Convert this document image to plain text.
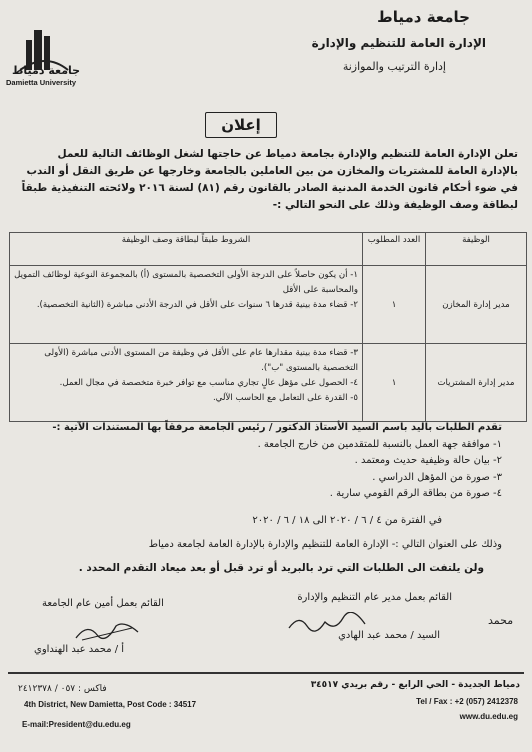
جامعة دمياط
الإدارة العامة للتنظيم والإدارة
إدارة الترتيب والموازنة
جامعة دمياط
Damietta University
إعلان
تعلن الإدارة العامة للتنظيم والإدارة بجامعة دمياط عن حاجتها لشغل الوظائف التالية للعمل بالإدارة العامة للمشتريات والمخازن من بين العاملين بالجامعة وخارجها عن طريق النقل أو الندب في ضوء أحكام قانون الخدمة المدنية الصادر بالقانون رقم (٨١) لسنة ٢٠١٦ ولائحته التنفيذية طبقاً لبطاقة وصف الوظيفة وذلك على النحو التالي :-
الوظيفة	العدد المطلوب	الشروط طبقاً لبطاقة وصف الوظيفة
مدير إدارة المخازن	١	١- أن يكون حاصلاً على الدرجة الأولى التخصصية بالمستوى (أ) بالمجموعة النوعية لوظائف التمويل والمحاسبة على الأقل
٢- قضاء مدة بينية قدرها ٦ سنوات على الأقل في الدرجة الأدنى مباشرة (الثانية التخصصية).

مدير إدارة المشتريات	١	٣- قضاء مدة بينية مقدارها عام على الأقل في وظيفة من المستوى الأدنى مباشرة (الأولى التخصصية بالمستوى "ب").
٤- الحصول على مؤهل عالٍ تجاري مناسب مع توافر خبرة متخصصة في مجال العمل.
٥- القدرة على التعامل مع الحاسب الآلي.
تقدم الطلبات باليد باسم السيد الأستاذ الدكتور / رئيس الجامعة مرفقاً بها المستندات الآتية :-
١- موافقة جهة العمل بالنسبة للمتقدمين من خارج الجامعة .
٢- بيان حالة وظيفية حديث ومعتمد .
٣- صورة من المؤهل الدراسي .
٤- صورة من بطاقة الرقم القومي سارية .
في الفترة من ٤ / ٦ / ٢٠٢٠ الى ١٨ / ٦ / ٢٠٢٠
وذلك على العنوان التالي :- الإدارة العامة للتنظيم والإدارة بالإدارة العامة لجامعة دمياط
ولن يلتفت الى الطلبات التي ترد بالبريد أو ترد قبل أو بعد ميعاد التقدم المحدد .
القائم بعمل مدير عام التنظيم والإدارة
السيد / محمد عبد الهادي
القائم بعمل أمين عام الجامعة
أ / محمد عبد الهنداوي
محمد
دمياط الجديدة - الحي الرابع - رقم بريدي ٣٤٥١٧
فاكس : ٠٥٧ / ٢٤١٢٣٧٨
4th District, New Damietta, Post Code : 34517
E-mail:President@du.edu.eg
Tel / Fax : +2 (057) 2412378
www.du.edu.eg
